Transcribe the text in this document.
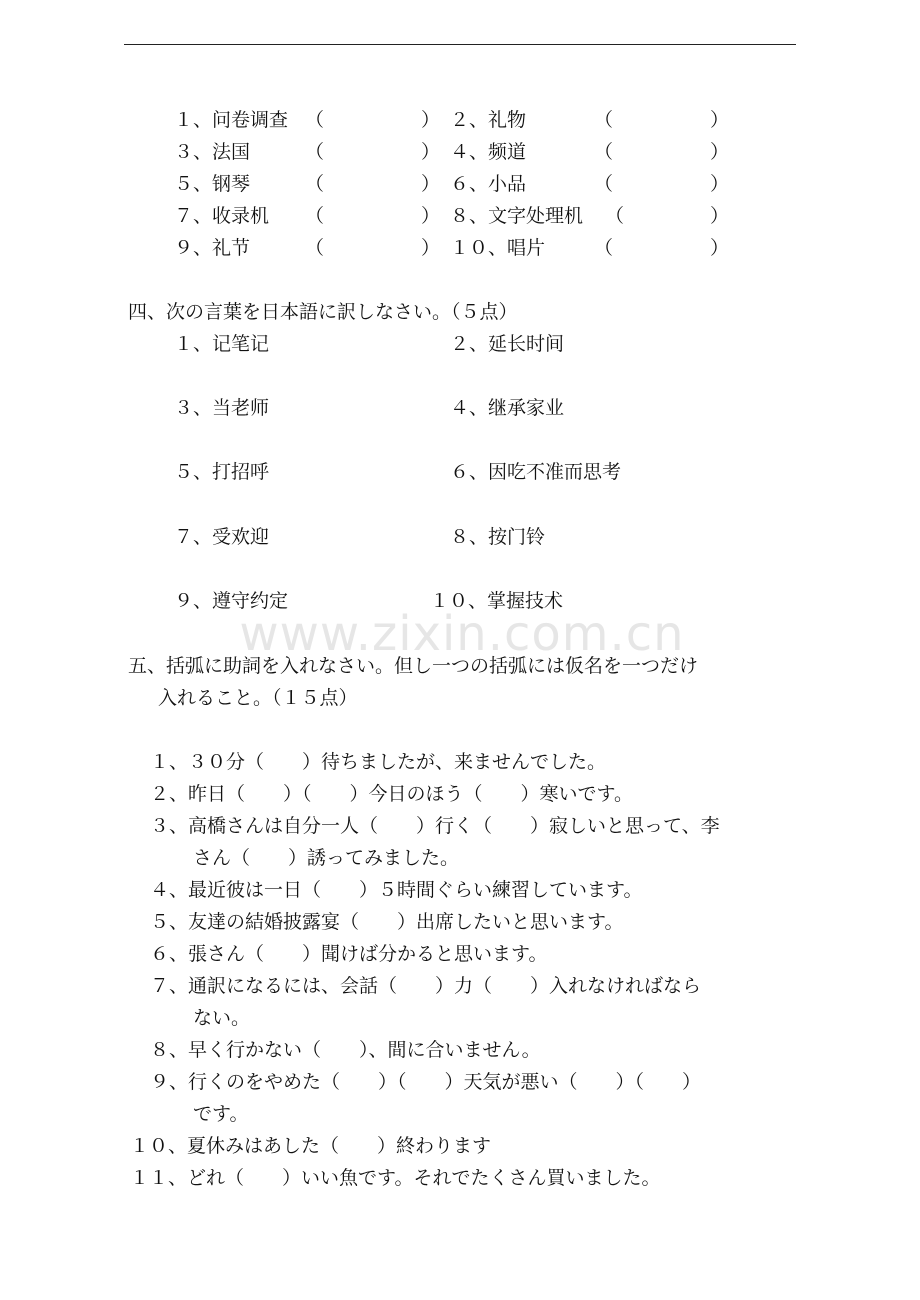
１、问卷调查 （	） ２、礼物	（	）
３、法国	（	） ４、频道	（	）
５、钢琴	（	） ６、小品	（	）
７、收录机 （	） ８、文字处理机 （	）
９、礼节	（	） １０、唱片	（	）
四、次の言葉を日本語に訳しなさい。（５点）
１、记笔记	２、延长时间
３、当老师	４、继承家业
５、打招呼	６、因吃不准而思考
７、受欢迎	８、按门铃
９、遵守约定	１０、掌握技术
www.zixin.com.cn
五、括弧に助詞を入れなさい。但し一つの括弧には仮名を一つだけ
入れること。（１５点）
１、３０分（　　）待ちましたが、来ませんでした。
２、昨日（　　）（　　）今日のほう（　　）寒いです。
３、高橋さんは自分一人（　　）行く（　　）寂しいと思って、李
さん（　　）誘ってみました。
４、最近彼は一日（　　）５時間ぐらい練習しています。
５、友達の結婚披露宴（　　）出席したいと思います。
６、張さん（　　）聞けば分かると思います。
７、通訳になるには、会話（　　）力（　　）入れなければなら
ない。
８、早く行かない（　　）、間に合いません。
９、行くのをやめた（　　）（　　）天気が悪い（　　）（　　）
です。
１０、夏休みはあした（　　）終わります
１１、どれ（　　）いい魚です。それでたくさん買いました。
